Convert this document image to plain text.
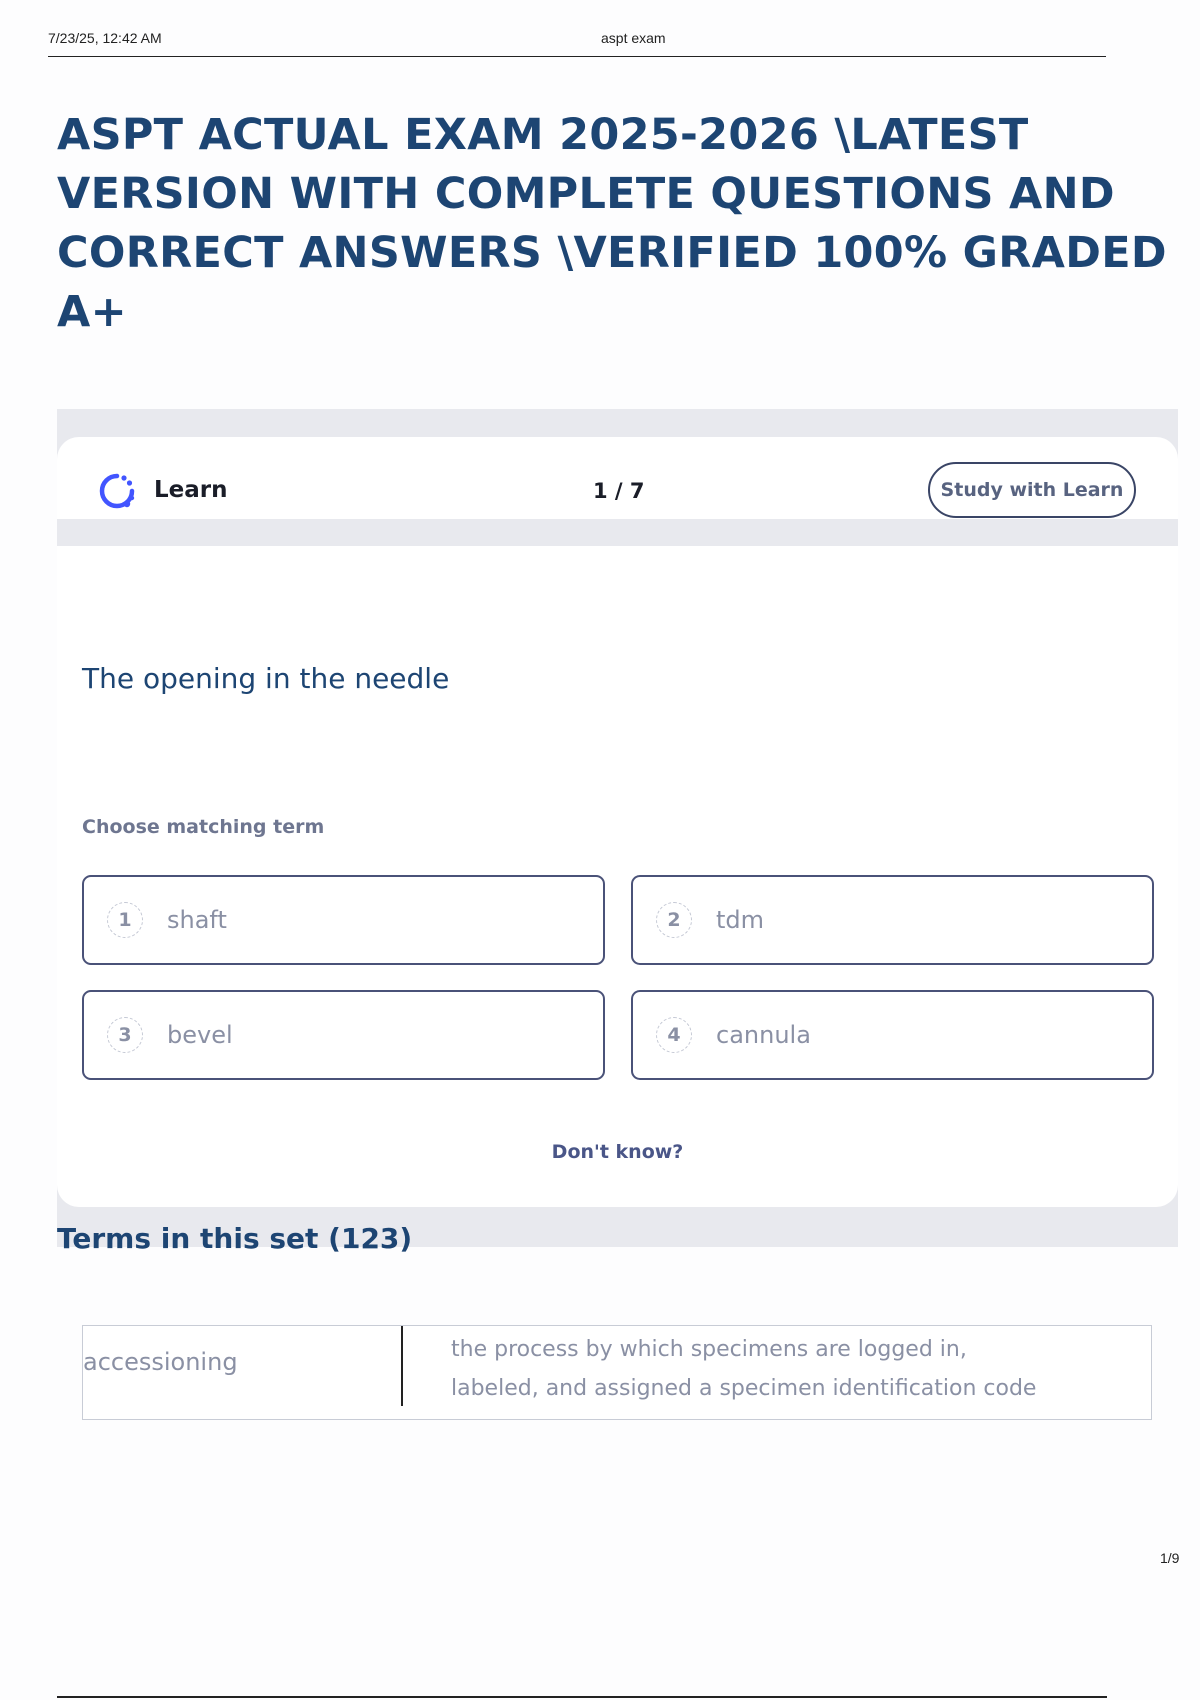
7/23/25, 12:42 AM	aspt exam
ASPT ACTUAL EXAM 2025-2026 \LATEST VERSION WITH COMPLETE QUESTIONS AND CORRECT ANSWERS \VERIFIED 100% GRADED A+
Learn	1 / 7	Study with Learn
The opening in the needle
Choose matching term
1	shaft	2	tdm
3	bevel	4	cannula
Don't know?
Terms in this set (123)
accessioning	the process by which specimens are logged in,
labeled, and assigned a specimen identification code
1/9
